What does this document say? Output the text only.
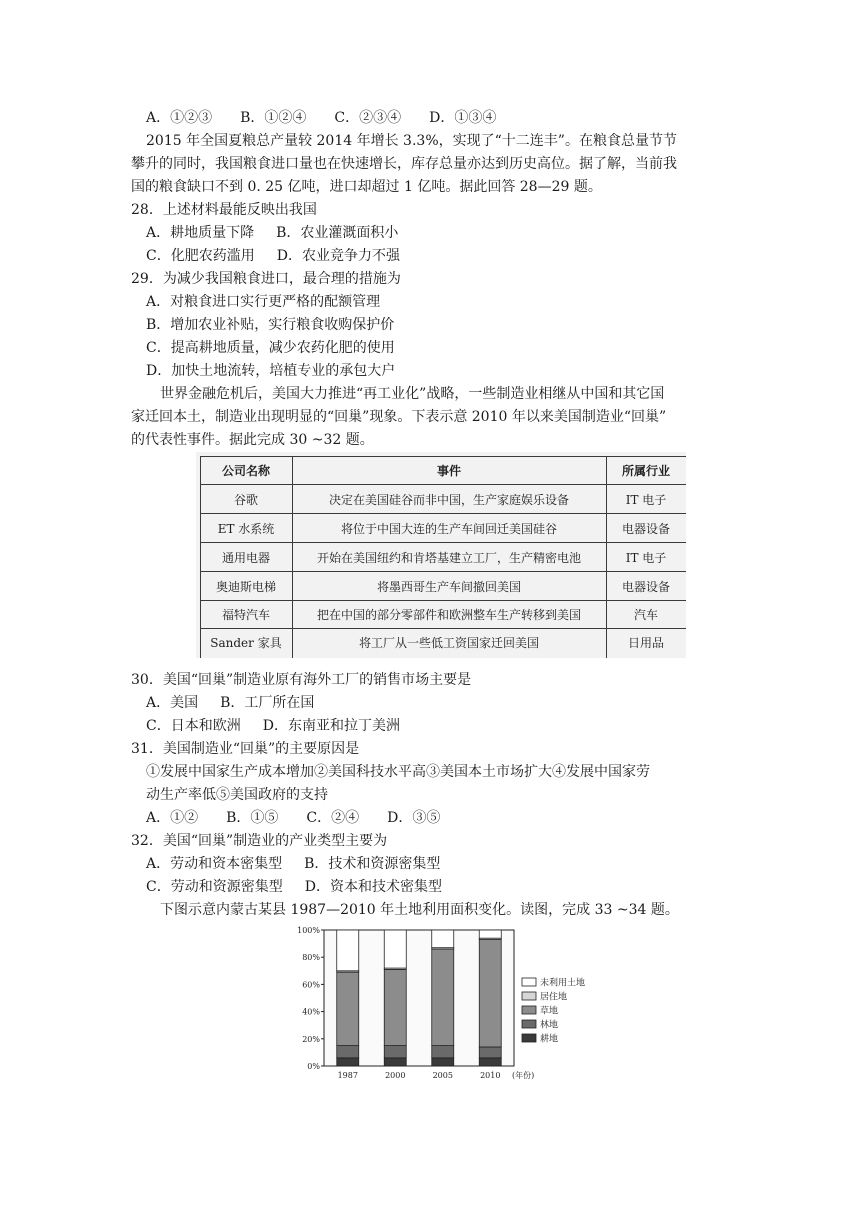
A．①②③ B．①②④ C．②③④ D．①③④
2015 年全国夏粮总产量较 2014 年增长 3.3%，实现了“十二连丰”。在粮食总量节节
攀升的同时，我国粮食进口量也在快速增长，库存总量亦达到历史高位。据了解，当前我
国的粮食缺口不到 0. 25 亿吨，进口却超过 1 亿吨。据此回答 28—29 题。
28．上述材料最能反映出我国
A．耕地质量下降 B．农业灌溉面积小
C．化肥农药滥用 D．农业竞争力不强
29．为减少我国粮食进口，最合理的措施为
A．对粮食进口实行更严格的配额管理
B．增加农业补贴，实行粮食收购保护价
C．提高耕地质量，减少农药化肥的使用
D．加快土地流转，培植专业的承包大户
世界金融危机后，美国大力推进“再工业化”战略，一些制造业相继从中国和其它国
家迁回本土，制造业出现明显的“回巢”现象。下表示意 2010 年以来美国制造业“回巢”
的代表性事件。据此完成 30 ~32 题。
公司名称	事件	所属行业
谷歌	决定在美国硅谷而非中国，生产家庭娱乐设备	IT 电子
ET 水系统	将位于中国大连的生产车间回迁美国硅谷	电器设备
通用电器	开始在美国纽约和肯塔基建立工厂，生产精密电池	IT 电子
奥迪斯电梯	将墨西哥生产车间撤回美国	电器设备
福特汽车	把在中国的部分零部件和欧洲整车生产转移到美国	汽车
Sander 家具	将工厂从一些低工资国家迁回美国	日用品
30．美国“回巢”制造业原有海外工厂的销售市场主要是
A．美国 B．工厂所在国
C．日本和欧洲 D．东南亚和拉丁美洲
31．美国制造业“回巢”的主要原因是
①发展中国家生产成本增加②美国科技水平高③美国本土市场扩大④发展中国家劳
动生产率低⑤美国政府的支持
A．①② B．①⑤ C．②④ D．③⑤
32．美国“回巢”制造业的产业类型主要为
A．劳动和资本密集型 B．技术和资源密集型
C．劳动和资源密集型 D．资本和技术密集型
下图示意内蒙古某县 1987—2010 年土地利用面积变化。读图，完成 33 ~34 题。
0%
20%
40%
60%
80%
100%
1987	2000	2005	2010 (年份)
未利用土地
居住地
草地
林地
耕地
